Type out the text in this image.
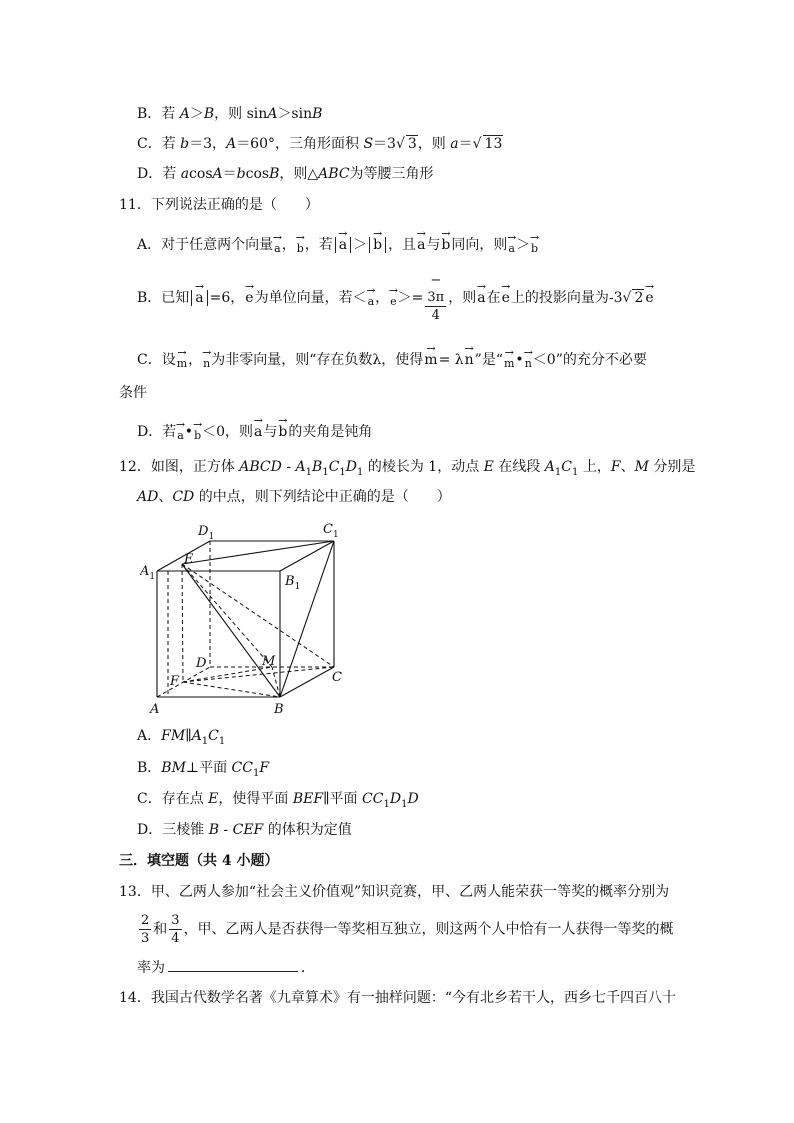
B．若 A＞B，则 sinA＞sinB
C．若 b＝3，A＝60°，三角形面积 S＝3√ 3，则 a＝√ 13
D．若 acosA＝bcosB，则△ABC为等腰三角形
11．下列说法正确的是（　　）
A．对于任意两个向量→ a，→ b，若 → a ＞ → b ，且→ a与→ b同向，则→ a＞→ b
B．已知 → a =6，→ e为单位向量，若＜→ a，→ e＞= −
3π
4 ，则→ a在→ e上的投影向量为-3√ 2 → e
C．设→ m，→ n为非零向量，则“存在负数λ，使得→ m= λ→ n”是“→ m•→ n＜0”的充分不必要
条件
D．若→ a•→ b＜0，则→ a与→ b的夹角是钝角
12．如图，正方体 ABCD - $A_1B_1C_1D_1$ 的棱长为 1，动点 E 在线段 $A_1C_1$ 上，F、M 分别是
AD、CD 的中点，则下列结论中正确的是（　　）
$D_1$	$C_1$
$A_1$
E
$B_1$
D	M
C
F
A	B
A．$FM\parallel A_1C_1$
B．BM⊥平面 $CC_1F$
C．存在点 E，使得平面 BEF∥平面 $CC_1D_1D$
D．三棱锥 B - CEF 的体积为定值
三．填空题（共 4 小题）
13．甲、乙两人参加“社会主义价值观”知识竞赛，甲、乙两人能荣获一等奖的概率分别为
$\frac{2}{3}$ 和 $\frac{3}{4}$ ，甲、乙两人是否获得一等奖相互独立，则这两个人中恰有一人获得一等奖的概
率为	．
14．我国古代数学名著《九章算术》有一抽样问题：“今有北乡若干人，西乡七千四百八十
